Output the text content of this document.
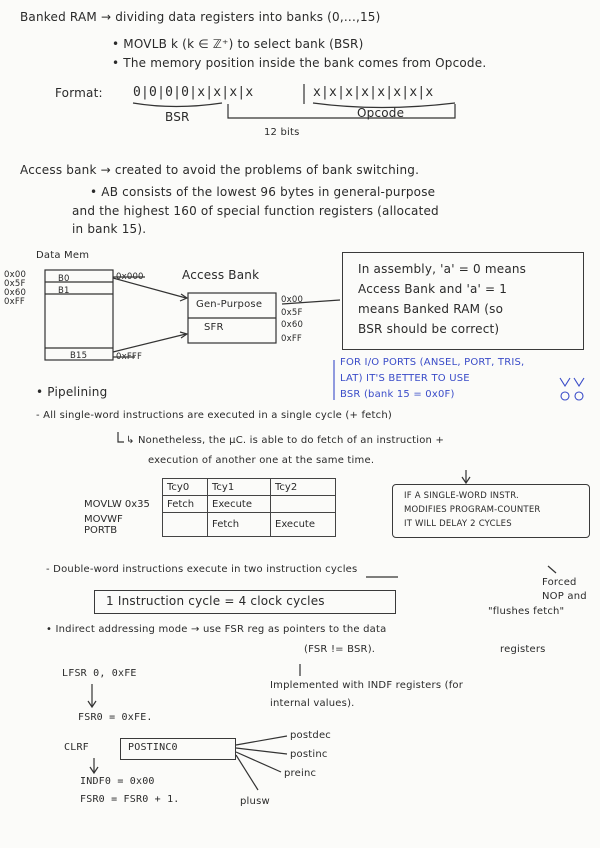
Banked RAM → dividing data registers into banks (0,...,15)
• MOVLB k (k ∈ ℤ⁺) to select bank (BSR)
• The memory position inside the bank comes from Opcode.
Format: 0|0|0|0|x|x|x|x	x|x|x|x|x|x|x|x
BSR	Opcode
12 bits
Access bank → created to avoid the problems of bank switching.
• AB consists of the lowest 96 bytes in general-purpose
and the highest 160 of special function registers (allocated
in bank 15).
Data Mem
0x00
0x5F
0x60
0xFF
B0
B1
B15
0x000
0xFFF
Access Bank
Gen-Purpose
SFR
0x00
0x5F
0x60
0xFF
In assembly, 'a' = 0 means
Access Bank and 'a' = 1
means Banked RAM (so
BSR should be correct)
FOR I/O PORTS (ANSEL, PORT, TRIS,
LAT) IT'S BETTER TO USE
BSR (bank 15 = 0x0F)
• Pipelining
- All single-word instructions are executed in a single cycle (+ fetch)
↳ Nonetheless, the µC. is able to do fetch of an instruction +
execution of another one at the same time.
	Tcy0	Tcy1	Tcy2
MOVLW 0x35	Fetch	Execute	
MOVWF PORTB		Fetch	Execute
IF A SINGLE-WORD INSTR.
MODIFIES PROGRAM-COUNTER
IT WILL DELAY 2 CYCLES
- Double-word instructions execute in two instruction cycles
Forced
NOP and
"flushes fetch"
1 Instruction cycle = 4 clock cycles
• Indirect addressing mode → use FSR reg as pointers to the data
(FSR != BSR).	registers
LFSR 0, 0xFE
FSR0 = 0xFE.
Implemented with INDF registers (for
internal values).
CLRF	POSTINC0
postdec
postinc
preinc
plusw
INDF0 = 0x00
FSR0 = FSR0 + 1.
